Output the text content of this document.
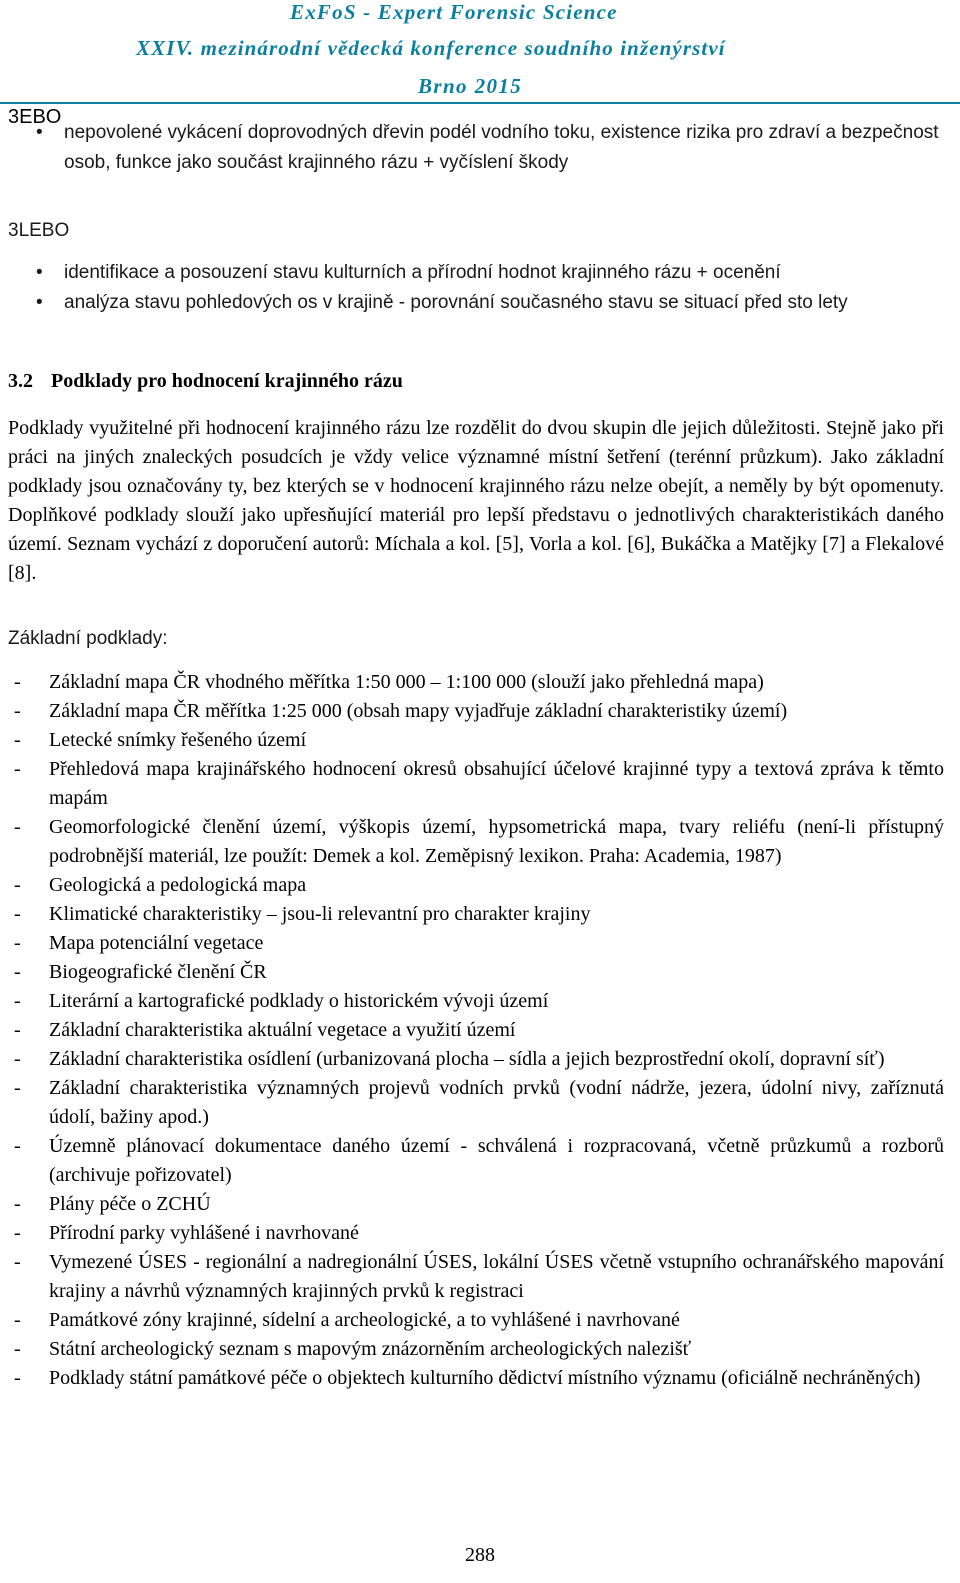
ExFoS - Expert Forensic Science
XXIV. mezinárodní vědecká konference soudního inženýrství
Brno 2015
3EBO
• nepovolené vykácení doprovodných dřevin podél vodního toku, existence rizika pro zdraví a bezpečnost osob, funkce jako součást krajinného rázu + vyčíslení škody
3LEBO
• identifikace a posouzení stavu kulturních a přírodní hodnot krajinného rázu + ocenění
• analýza stavu pohledových os v krajině - porovnání současného stavu se situací před sto lety
3.2 Podklady pro hodnocení krajinného rázu

Podklady využitelné při hodnocení krajinného rázu lze rozdělit do dvou skupin dle jejich důležitosti. Stejně jako při práci na jiných znaleckých posudcích je vždy velice významné místní šetření (terénní průzkum). Jako základní podklady jsou označovány ty, bez kterých se v hodnocení krajinného rázu nelze obejít, a neměly by být opomenuty. Doplňkové podklady slouží jako upřesňující materiál pro lepší představu o jednotlivých charakteristikách daného území. Seznam vychází z doporučení autorů: Míchala a kol. [5], Vorla a kol. [6], Bukáčka a Matějky [7] a Flekalové [8].

Základní podklady:
- Základní mapa ČR vhodného měřítka 1:50 000 – 1:100 000 (slouží jako přehledná mapa)
- Základní mapa ČR měřítka 1:25 000 (obsah mapy vyjadřuje základní charakteristiky území)
- Letecké snímky řešeného území
- Přehledová mapa krajinářského hodnocení okresů obsahující účelové krajinné typy a textová zpráva k těmto mapám
- Geomorfologické členění území, výškopis území, hypsometrická mapa, tvary reliéfu (není-li přístupný podrobnější materiál, lze použít: Demek a kol. Zeměpisný lexikon. Praha: Academia, 1987)
- Geologická a pedologická mapa
- Klimatické charakteristiky – jsou-li relevantní pro charakter krajiny
- Mapa potenciální vegetace
- Biogeografické členění ČR
- Literární a kartografické podklady o historickém vývoji území
- Základní charakteristika aktuální vegetace a využití území
- Základní charakteristika osídlení (urbanizovaná plocha – sídla a jejich bezprostřední okolí, dopravní síť)
- Základní charakteristika významných projevů vodních prvků (vodní nádrže, jezera, údolní nivy, zaříznutá údolí, bažiny apod.)
- Územně plánovací dokumentace daného území - schválená i rozpracovaná, včetně průzkumů a rozborů (archivuje pořizovatel)
- Plány péče o ZCHÚ
- Přírodní parky vyhlášené i navrhované
- Vymezené ÚSES - regionální a nadregionální ÚSES, lokální ÚSES včetně vstupního ochranářského mapování krajiny a návrhů významných krajinných prvků k registraci
- Památkové zóny krajinné, sídelní a archeologické, a to vyhlášené i navrhované
- Státní archeologický seznam s mapovým znázorněním archeologických nalezišť
- Podklady státní památkové péče o objektech kulturního dědictví místního významu (oficiálně nechráněných)
288
